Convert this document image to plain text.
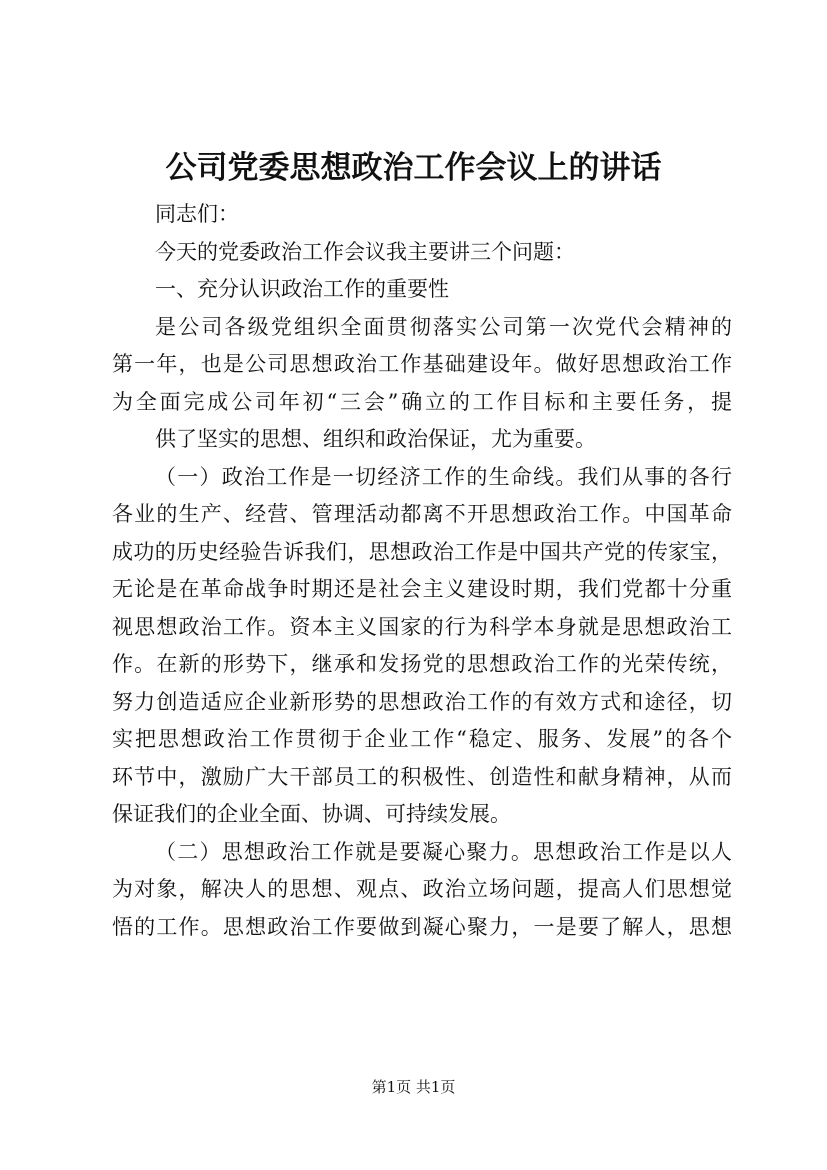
公司党委思想政治工作会议上的讲话
同志们：
今天的党委政治工作会议我主要讲三个问题：
一、充分认识政治工作的重要性
是公司各级党组织全面贯彻落实公司第一次党代会精神的
第一年，也是公司思想政治工作基础建设年。做好思想政治工作
为全面完成公司年初“三会”确立的工作目标和主要任务，提
供了坚实的思想、组织和政治保证，尤为重要。
（一）政治工作是一切经济工作的生命线。我们从事的各行
各业的生产、经营、管理活动都离不开思想政治工作。中国革命
成功的历史经验告诉我们，思想政治工作是中国共产党的传家宝，
无论是在革命战争时期还是社会主义建设时期，我们党都十分重
视思想政治工作。资本主义国家的行为科学本身就是思想政治工
作。在新的形势下，继承和发扬党的思想政治工作的光荣传统，
努力创造适应企业新形势的思想政治工作的有效方式和途径，切
实把思想政治工作贯彻于企业工作“稳定、服务、发展”的各个
环节中，激励广大干部员工的积极性、创造性和献身精神，从而
保证我们的企业全面、协调、可持续发展。
（二）思想政治工作就是要凝心聚力。思想政治工作是以人
为对象，解决人的思想、观点、政治立场问题，提高人们思想觉
悟的工作。思想政治工作要做到凝心聚力，一是要了解人，思想
第1页 共1页
